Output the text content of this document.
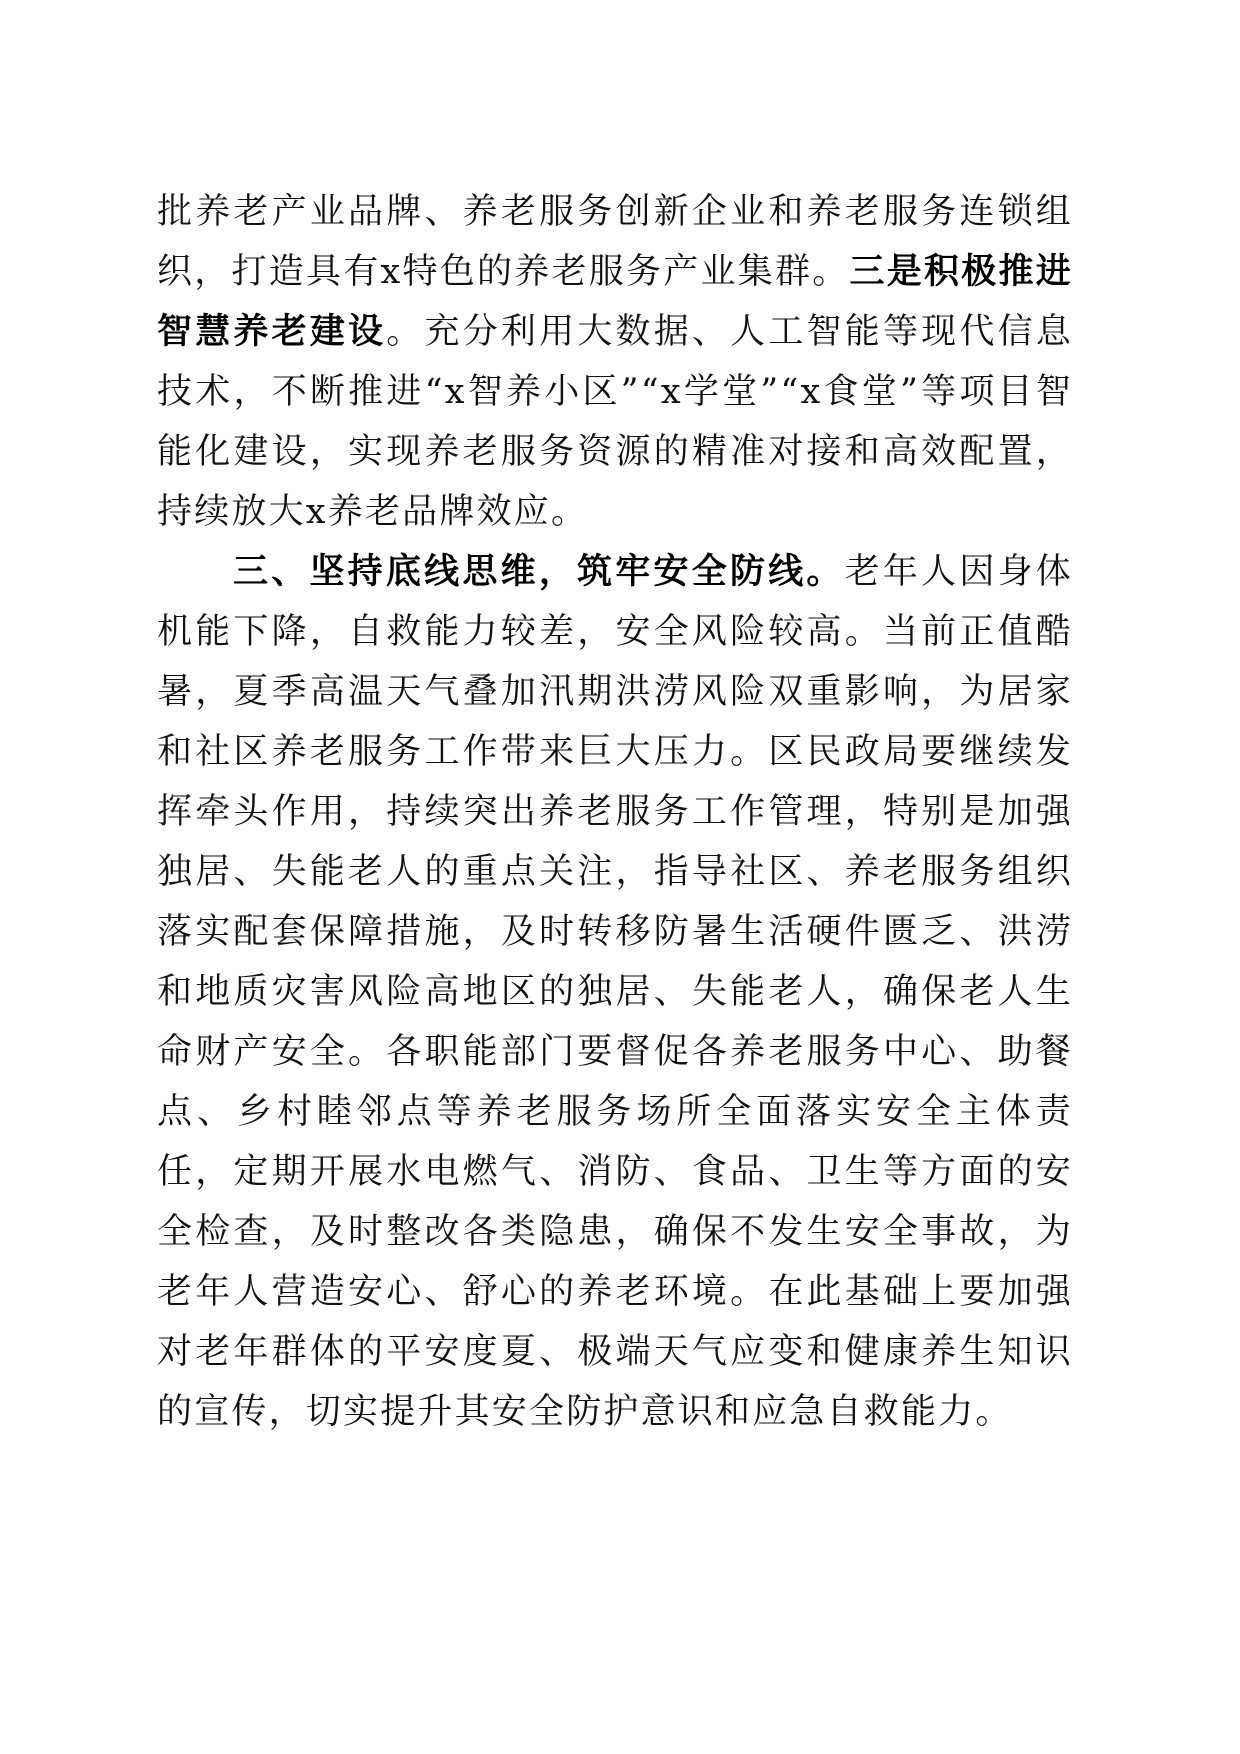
批养老产业品牌、养老服务创新企业和养老服务连锁组织，打造具有x特色的养老服务产业集群。三是积极推进智慧养老建设。充分利用大数据、人工智能等现代信息技术，不断推进“x智养小区”“x学堂”“x食堂”等项目智能化建设，实现养老服务资源的精准对接和高效配置，持续放大x养老品牌效应。

三、坚持底线思维，筑牢安全防线。老年人因身体机能下降，自救能力较差，安全风险较高。当前正值酷暑，夏季高温天气叠加汛期洪涝风险双重影响，为居家和社区养老服务工作带来巨大压力。区民政局要继续发挥牵头作用，持续突出养老服务工作管理，特别是加强独居、失能老人的重点关注，指导社区、养老服务组织落实配套保障措施，及时转移防暑生活硬件匮乏、洪涝和地质灾害风险高地区的独居、失能老人，确保老人生命财产安全。各职能部门要督促各养老服务中心、助餐点、乡村睦邻点等养老服务场所全面落实安全主体责任，定期开展水电燃气、消防、食品、卫生等方面的安全检查，及时整改各类隐患，确保不发生安全事故，为老年人营造安心、舒心的养老环境。在此基础上要加强对老年群体的平安度夏、极端天气应变和健康养生知识的宣传，切实提升其安全防护意识和应急自救能力。
